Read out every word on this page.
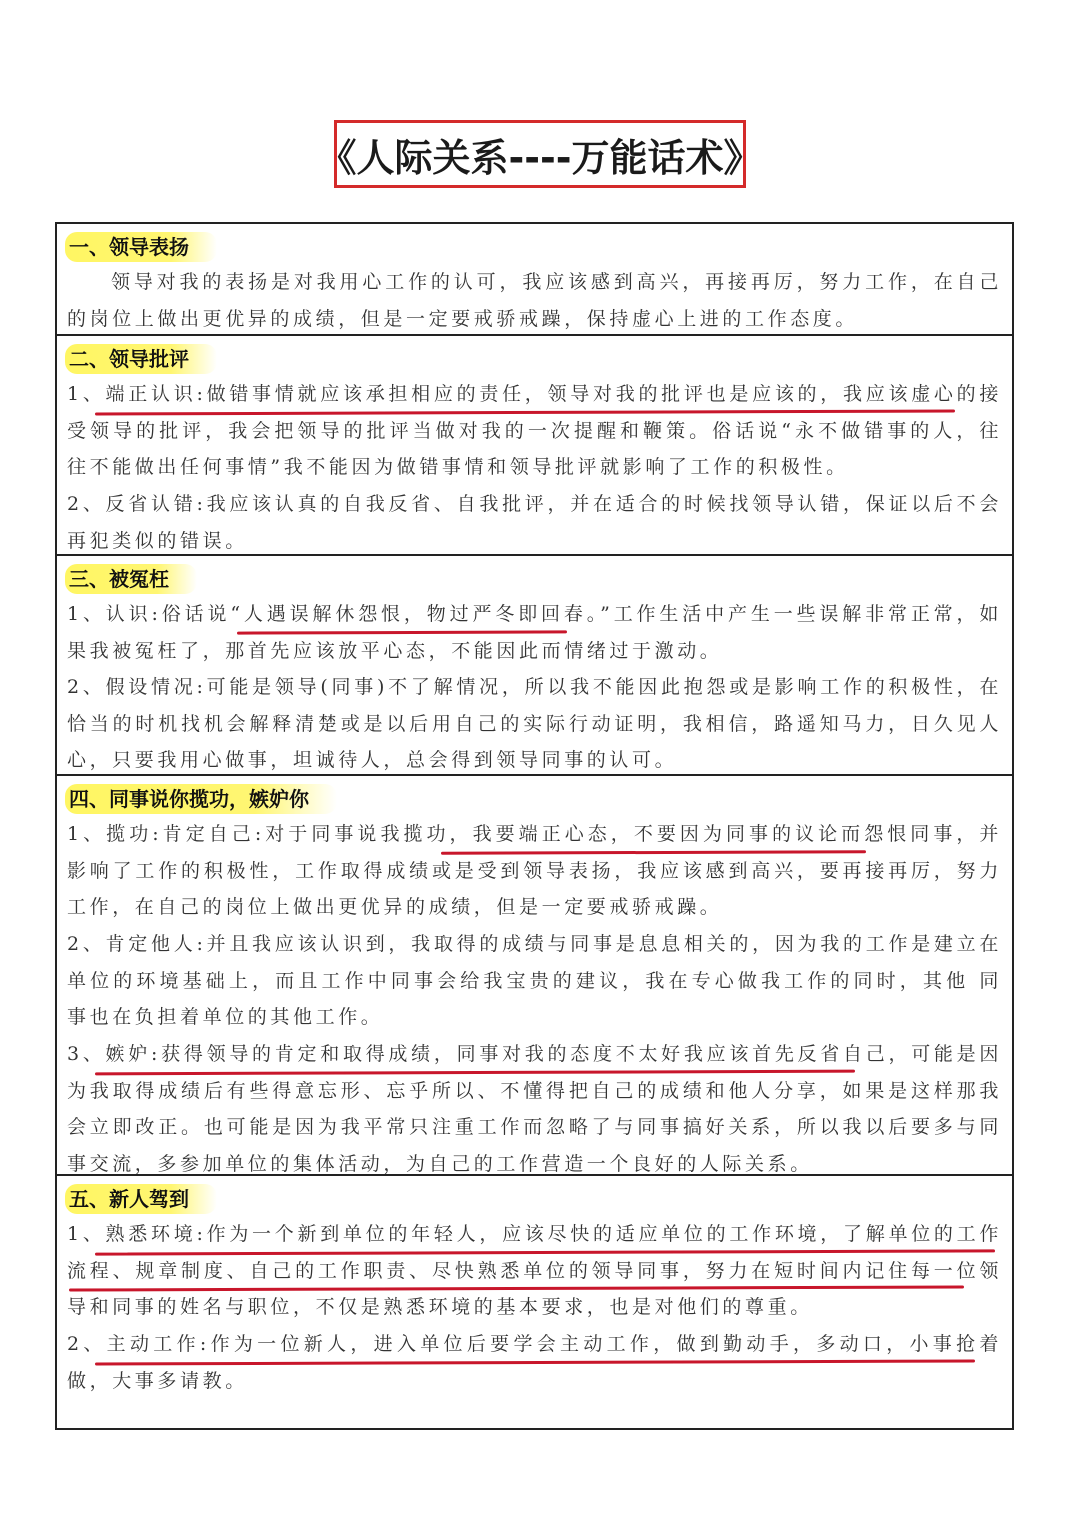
《人际关系----万能话术》
一、领导表扬
领导对我的表扬是对我用心工作的认可，我应该感到高兴，再接再厉，努力工作，在自己的岗位上做出更优异的成绩，但是一定要戒骄戒躁，保持虚心上进的工作态度。
二、领导批评
1、端正认识:做错事情就应该承担相应的责任，领导对我的批评也是应该的，我应该虚心的接受领导的批评，我会把领导的批评当做对我的一次提醒和鞭策。俗话说“永不做错事的人，往往不能做出任何事情”我不能因为做错事情和领导批评就影响了工作的积极性。
2、反省认错:我应该认真的自我反省、自我批评，并在适合的时候找领导认错，保证以后不会再犯类似的错误。
三、被冤枉
1、认识:俗话说“人遇误解休怨恨，物过严冬即回春。”工作生活中产生一些误解非常正常，如果我被冤枉了，那首先应该放平心态，不能因此而情绪过于激动。
2、假设情况:可能是领导(同事)不了解情况，所以我不能因此抱怨或是影响工作的积极性，在恰当的时机找机会解释清楚或是以后用自己的实际行动证明，我相信，路遥知马力，日久见人心，只要我用心做事，坦诚待人，总会得到领导同事的认可。
四、同事说你揽功，嫉妒你
1、揽功:肯定自己:对于同事说我揽功，我要端正心态，不要因为同事的议论而怨恨同事，并影响了工作的积极性，工作取得成绩或是受到领导表扬，我应该感到高兴，要再接再厉，努力工作，在自己的岗位上做出更优异的成绩，但是一定要戒骄戒躁。
2、肯定他人:并且我应该认识到，我取得的成绩与同事是息息相关的，因为我的工作是建立在单位的环境基础上，而且工作中同事会给我宝贵的建议，我在专心做我工作的同时，其他 同事也在负担着单位的其他工作。
3、嫉妒:获得领导的肯定和取得成绩，同事对我的态度不太好我应该首先反省自己，可能是因为我取得成绩后有些得意忘形、忘乎所以、不懂得把自己的成绩和他人分享，如果是这样那我会立即改正。也可能是因为我平常只注重工作而忽略了与同事搞好关系，所以我以后要多与同事交流，多参加单位的集体活动，为自己的工作营造一个良好的人际关系。
五、新人驾到
1、熟悉环境:作为一个新到单位的年轻人，应该尽快的适应单位的工作环境，了解单位的工作流程、规章制度、自己的工作职责、尽快熟悉单位的领导同事，努力在短时间内记住每一位领导和同事的姓名与职位，不仅是熟悉环境的基本要求，也是对他们的尊重。
2、主动工作:作为一位新人，进入单位后要学会主动工作，做到勤动手，多动口，小事抢着做，大事多请教。
